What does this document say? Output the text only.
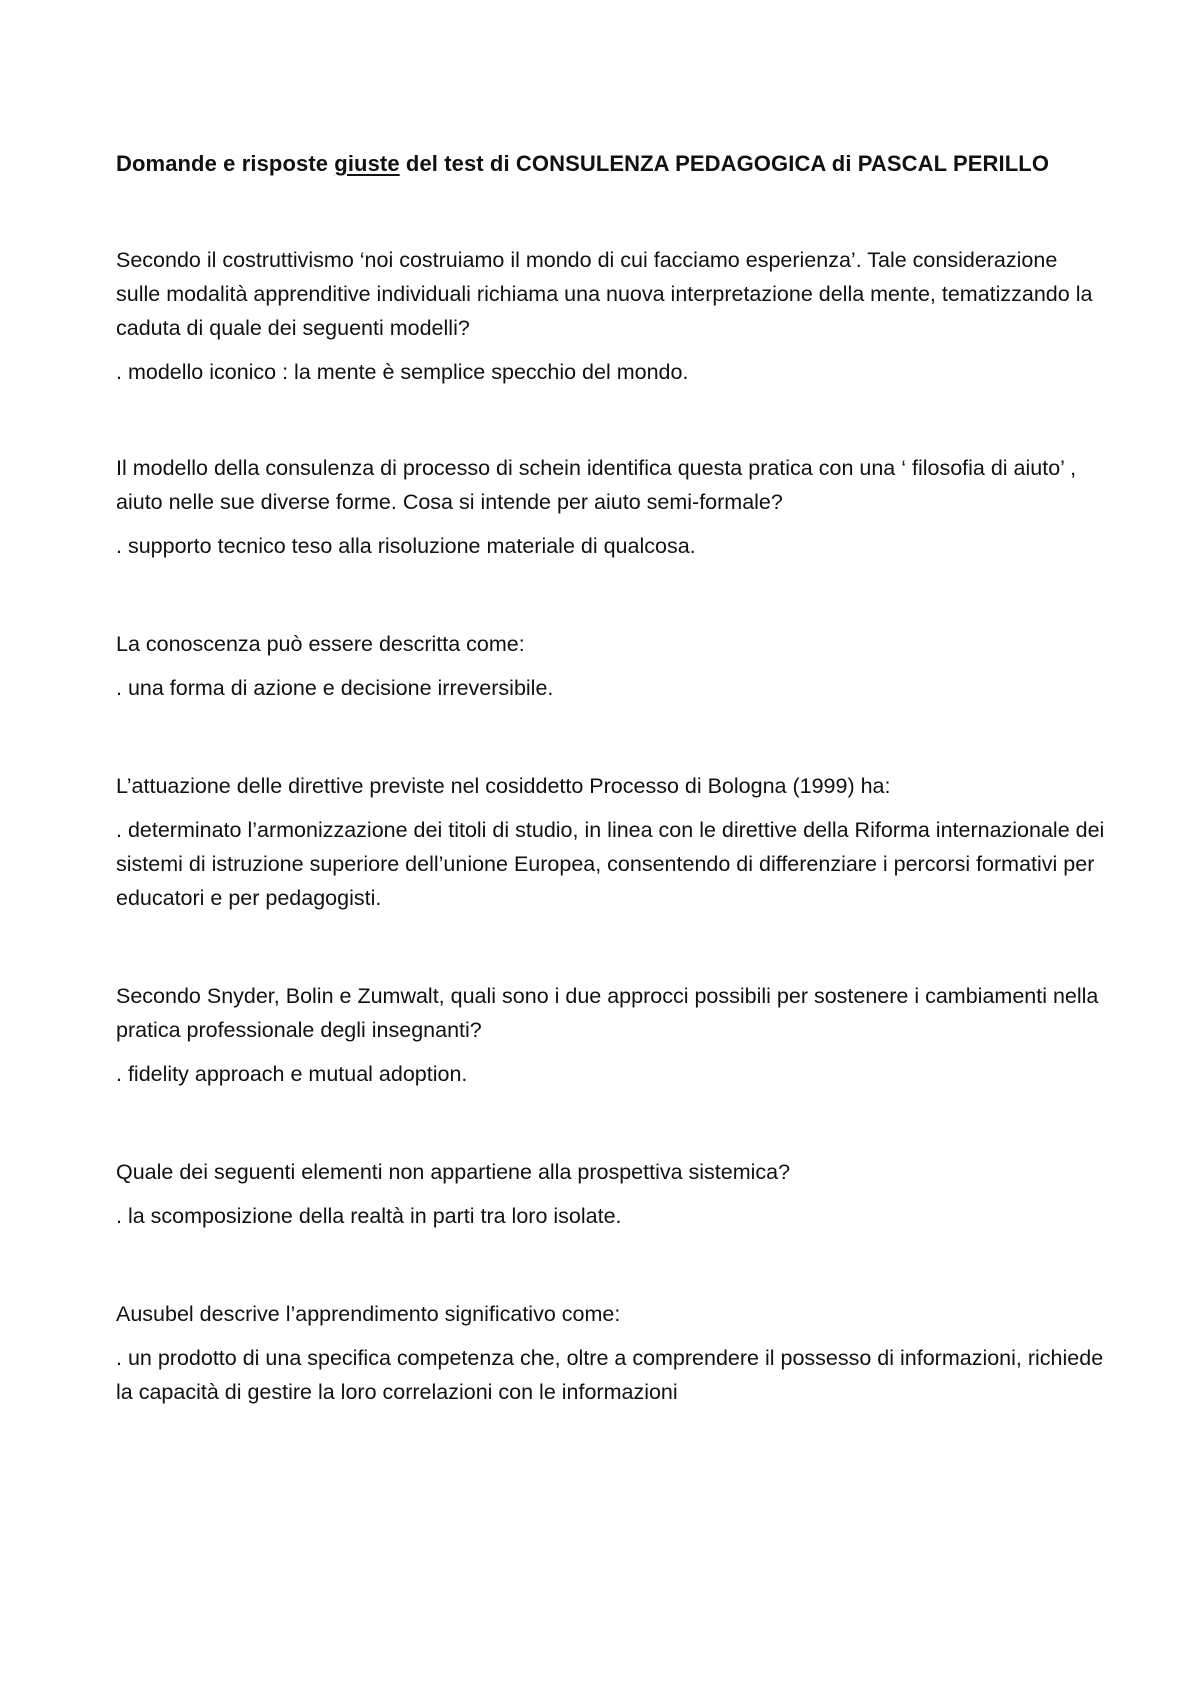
Domande e risposte giuste del test di CONSULENZA PEDAGOGICA di PASCAL PERILLO

Secondo il costruttivismo ‘noi costruiamo il mondo di cui facciamo esperienza’. Tale considerazione sulle modalità apprenditive individuali richiama una nuova interpretazione della mente, tematizzando la caduta di quale dei seguenti modelli?

. modello iconico : la mente è semplice specchio del mondo.

Il modello della consulenza di processo di schein identifica questa pratica con una ‘ filosofia di aiuto’ , aiuto nelle sue diverse forme. Cosa si intende per aiuto semi-formale?

. supporto tecnico teso alla risoluzione materiale di qualcosa.

La conoscenza può essere descritta come:

. una forma di azione e decisione irreversibile.

L’attuazione delle direttive previste nel cosiddetto Processo di Bologna (1999) ha:

. determinato l’armonizzazione dei titoli di studio, in linea con le direttive della Riforma internazionale dei sistemi di istruzione superiore dell’unione Europea, consentendo di differenziare i percorsi formativi per educatori e per pedagogisti.

Secondo Snyder, Bolin e Zumwalt, quali sono i due approcci possibili per sostenere i cambiamenti nella pratica professionale degli insegnanti?

. fidelity approach e mutual adoption.

Quale dei seguenti elementi non appartiene alla prospettiva sistemica?

. la scomposizione della realtà in parti tra loro isolate.

Ausubel descrive l’apprendimento significativo come:

. un prodotto di una specifica competenza che, oltre a comprendere il possesso di informazioni, richiede la capacità di gestire la loro correlazioni con le informazioni
